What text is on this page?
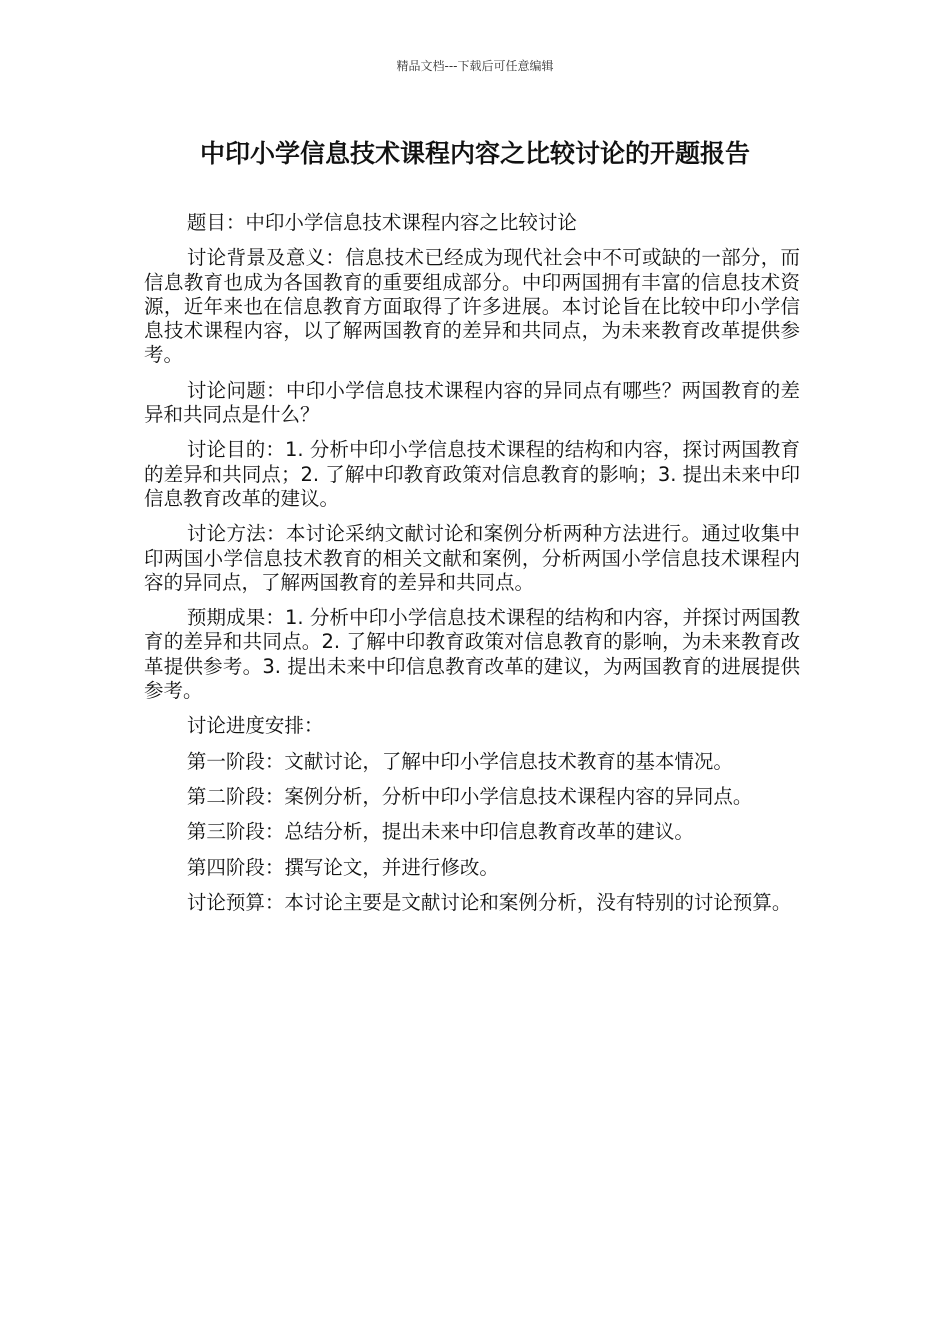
精品文档---下载后可任意编辑
中印小学信息技术课程内容之比较讨论的开题报告

题目：中印小学信息技术课程内容之比较讨论

讨论背景及意义：信息技术已经成为现代社会中不可或缺的一部分，而信息教育也成为各国教育的重要组成部分。中印两国拥有丰富的信息技术资源，近年来也在信息教育方面取得了许多进展。本讨论旨在比较中印小学信息技术课程内容，以了解两国教育的差异和共同点，为未来教育改革提供参考。

讨论问题：中印小学信息技术课程内容的异同点有哪些？两国教育的差异和共同点是什么？

讨论目的：1. 分析中印小学信息技术课程的结构和内容，探讨两国教育的差异和共同点；2. 了解中印教育政策对信息教育的影响；3. 提出未来中印信息教育改革的建议。

讨论方法：本讨论采纳文献讨论和案例分析两种方法进行。通过收集中印两国小学信息技术教育的相关文献和案例，分析两国小学信息技术课程内容的异同点，了解两国教育的差异和共同点。

预期成果：1. 分析中印小学信息技术课程的结构和内容，并探讨两国教育的差异和共同点。2. 了解中印教育政策对信息教育的影响，为未来教育改革提供参考。3. 提出未来中印信息教育改革的建议，为两国教育的进展提供参考。

讨论进度安排：

第一阶段：文献讨论，了解中印小学信息技术教育的基本情况。

第二阶段：案例分析，分析中印小学信息技术课程内容的异同点。

第三阶段：总结分析，提出未来中印信息教育改革的建议。

第四阶段：撰写论文，并进行修改。

讨论预算：本讨论主要是文献讨论和案例分析，没有特别的讨论预算。
